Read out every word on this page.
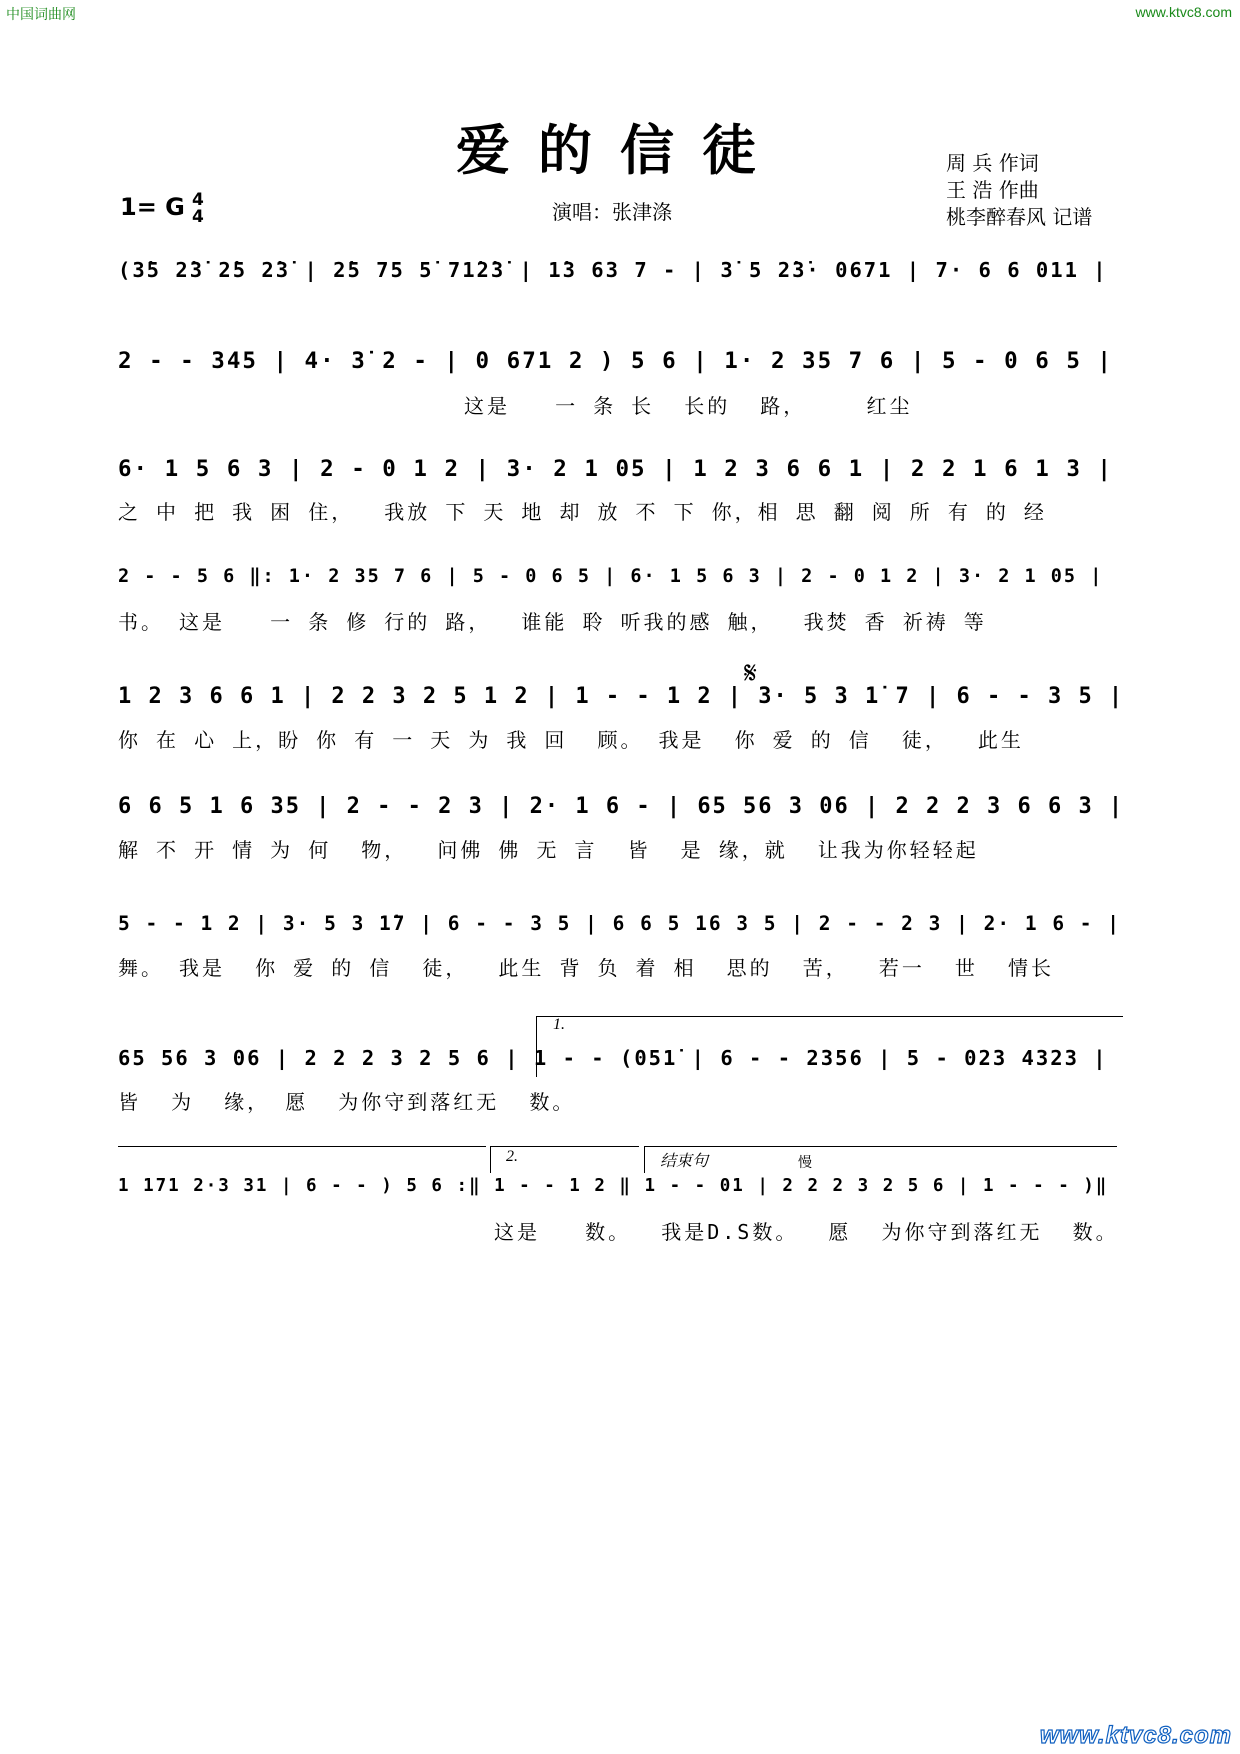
中国词曲网	www.ktvc8.com
www.ktvc8.com
爱的信徒	周 兵 作词
王 浩 作曲
桃李醉春风 记谱
1= G 4
4	演唱：张津涤
(3̇5 2̇3̇ 2̇5 2̇3̇ | 2̇5 75 5̇ 71̇2̇3̇ | 1̇3 63 7 - | 3̇ 5 2̇3̇· 0671 | 7· 6 6 011 |
2 - - 345 | 4· 3̇ 2 - | 0 671 2 ) 5 6 | 1· 2 35 7 6 | 5 - 0 6 5 |
这是   一 条 长  长的  路，    红尘
6· 1 5 6 3 | 2 - 0 1 2 | 3· 2 1 05 | 1 2 3 6 6 1 | 2 2 1 6 1 3 |
之 中 把 我 困 住，  我放 下 天 地 却 放 不 下 你，相 思 翻 阅 所 有 的 经
2 - - 5 6 ‖: 1· 2 35 7 6 | 5 - 0 6 5 | 6· 1 5 6 3 | 2 - 0 1 2 | 3· 2 1 05 |
书。 这是   一 条 修 行的 路，  谁能 聆 听我的感 触，  我焚 香 祈祷 等
𝄋
1 2 3 6 6 1 | 2 2 3 2 5 1 2 | 1 - - 1 2 | 3· 5 3 1̇ 7 | 6 - - 3 5 |
你 在 心 上，盼 你 有 一 天 为 我 回  顾。 我是  你 爱 的 信  徒，  此生
6 6 5 1 6 35 | 2 - - 2 3 | 2· 1 6 - | 65 56 3 06 | 2 2 2 3 6 6 3 |
解 不 开 情 为 何  物，  问佛 佛 无 言  皆  是 缘，就  让我为你轻轻起
5 - - 1 2 | 3· 5 3 1̇7 | 6 - - 3 5 | 6 6 5 16 3 5 | 2 - - 2 3 | 2· 1 6 - |
舞。 我是  你 爱 的 信  徒，  此生 背 负 着 相  思的  苦，  若一  世  情长
1.
65 56 3 06 | 2 2 2 3 2 5 6 | 1 - - (051̇ | 6 - - 2356 | 5 - 023 4323 |
皆  为  缘， 愿  为你守到落红无  数。
2.	结束句	慢
1 171 2·3 31 | 6 - - ) 5 6 :‖ 1 - - 1 2 ‖ 1 - - 01 | 2 2 2 3 2 5 6 | 1 - - - )‖
这是   数。  我是D.S数。  愿  为你守到落红无  数。
